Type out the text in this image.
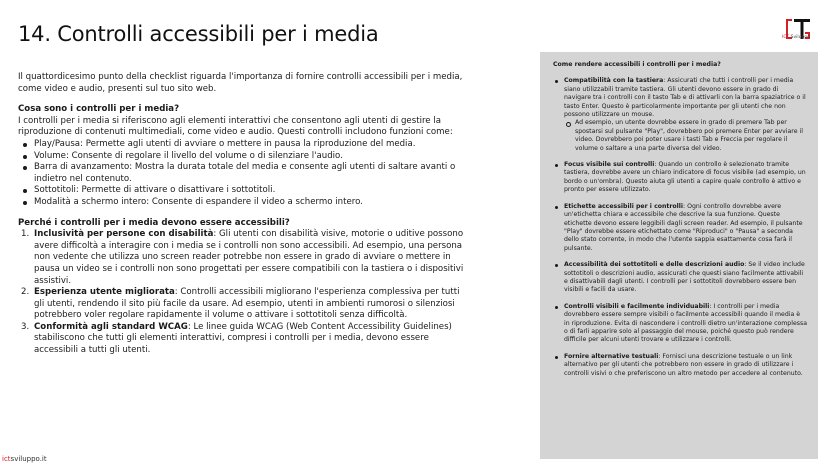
14. Controlli accessibili per i media	ICT Sviluppo

Il quattordicesimo punto della checklist riguarda l'importanza di fornire controlli accessibili per i media, come video e audio, presenti sul tuo sito web.

Cosa sono i controlli per i media?

I controlli per i media si riferiscono agli elementi interattivi che consentono agli utenti di gestire la riproduzione di contenuti multimediali, come video e audio. Questi controlli includono funzioni come:

Play/Pausa: Permette agli utenti di avviare o mettere in pausa la riproduzione del media.
Volume: Consente di regolare il livello del volume o di silenziare l'audio.
Barra di avanzamento: Mostra la durata totale del media e consente agli utenti di saltare avanti o indietro nel contenuto.
Sottotitoli: Permette di attivare o disattivare i sottotitoli.
Modalità a schermo intero: Consente di espandere il video a schermo intero.
Perché i controlli per i media devono essere accessibili?
1. Inclusività per persone con disabilità: Gli utenti con disabilità visive, motorie o uditive possono avere difficoltà a interagire con i media se i controlli non sono accessibili. Ad esempio, una persona non vedente che utilizza uno screen reader potrebbe non essere in grado di avviare o mettere in pausa un video se i controlli non sono progettati per essere compatibili con la tastiera o i dispositivi assistivi.
2. Esperienza utente migliorata: Controlli accessibili migliorano l'esperienza complessiva per tutti gli utenti, rendendo il sito più facile da usare. Ad esempio, utenti in ambienti rumorosi o silenziosi potrebbero voler regolare rapidamente il volume o attivare i sottotitoli senza difficoltà.
3. Conformità agli standard WCAG: Le linee guida WCAG (Web Content Accessibility Guidelines) stabiliscono che tutti gli elementi interattivi, compresi i controlli per i media, devono essere accessibili a tutti gli utenti.
Come rendere accessibili i controlli per i media?
Compatibilità con la tastiera: Assicurati che tutti i controlli per i media siano utilizzabili tramite tastiera. Gli utenti devono essere in grado di navigare tra i controlli con il tasto Tab e di attivarli con la barra spaziatrice o il tasto Enter. Questo è particolarmente importante per gli utenti che non possono utilizzare un mouse.
Ad esempio, un utente dovrebbe essere in grado di premere Tab per spostarsi sul pulsante "Play", dovrebbero poi premere Enter per avviare il video. Dovrebbero poi poter usare i tasti Tab e Freccia per regolare il volume o saltare a una parte diversa del video.
Focus visibile sui controlli: Quando un controllo è selezionato tramite tastiera, dovrebbe avere un chiaro indicatore di focus visibile (ad esempio, un bordo o un'ombra). Questo aiuta gli utenti a capire quale controllo è attivo e pronto per essere utilizzato.
Etichette accessibili per i controlli: Ogni controllo dovrebbe avere un'etichetta chiara e accessibile che descrive la sua funzione. Queste etichette devono essere leggibili dagli screen reader. Ad esempio, il pulsante "Play" dovrebbe essere etichettato come "Riproduci" o "Pausa" a seconda dello stato corrente, in modo che l'utente sappia esattamente cosa farà il pulsante.
Accessibilità dei sottotitoli e delle descrizioni audio: Se il video include sottotitoli o descrizioni audio, assicurati che questi siano facilmente attivabili e disattivabili dagli utenti. I controlli per i sottotitoli dovrebbero essere ben visibili e facili da usare.
Controlli visibili e facilmente individuabili: I controlli per i media dovrebbero essere sempre visibili o facilmente accessibili quando il media è in riproduzione. Evita di nascondere i controlli dietro un'interazione complessa o di farli apparire solo al passaggio del mouse, poiché questo può rendere difficile per alcuni utenti trovare e utilizzare i controlli.
Fornire alternative testuali: Fornisci una descrizione testuale o un link alternativo per gli utenti che potrebbero non essere in grado di utilizzare i controlli visivi o che preferiscono un altro metodo per accedere al contenuto.
ictsviluppo.it
